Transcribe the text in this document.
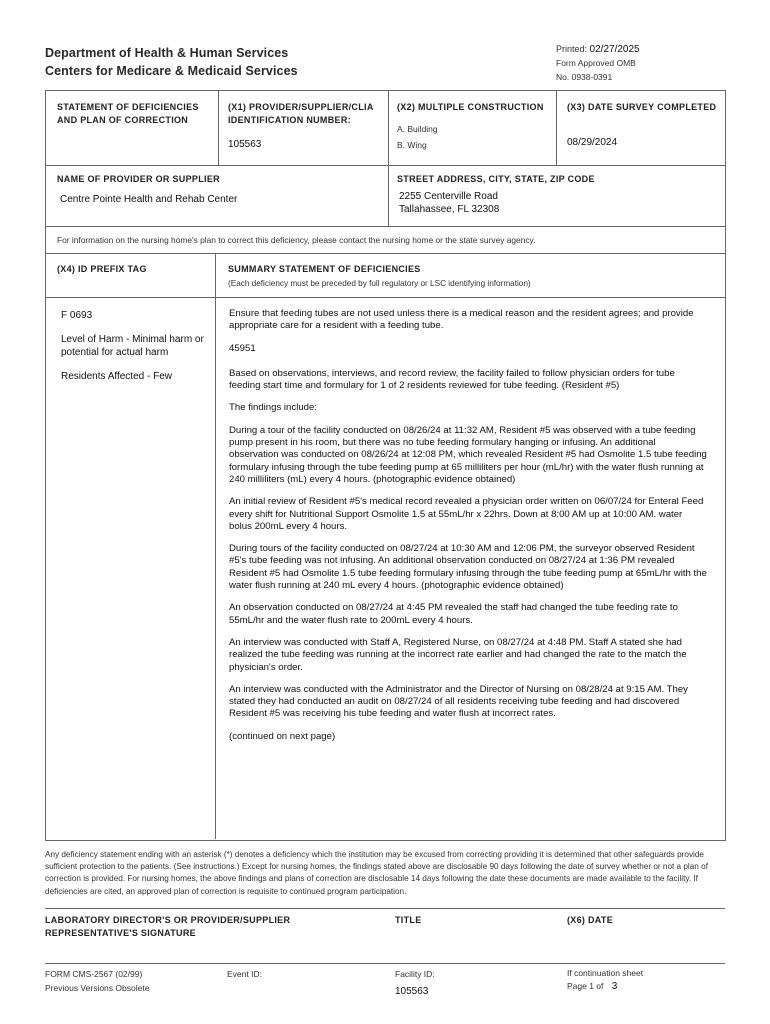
Department of Health & Human Services
Centers for Medicare & Medicaid Services
Printed: 02/27/2025
Form Approved OMB
No. 0938-0391
STATEMENT OF DEFICIENCIES AND PLAN OF CORRECTION
(X1) PROVIDER/SUPPLIER/CLIA IDENTIFICATION NUMBER:
105563
(X2) MULTIPLE CONSTRUCTION
A. Building
B. Wing
(X3) DATE SURVEY COMPLETED
08/29/2024
NAME OF PROVIDER OR SUPPLIER
Centre Pointe Health and Rehab Center
STREET ADDRESS, CITY, STATE, ZIP CODE
2255 Centerville Road
Tallahassee, FL 32308
For information on the nursing home's plan to correct this deficiency, please contact the nursing home or the state survey agency.
(X4) ID PREFIX TAG	SUMMARY STATEMENT OF DEFICIENCIES
(Each deficiency must be preceded by full regulatory or LSC identifying information)
F 0693
Level of Harm - Minimal harm or potential for actual harm
Residents Affected - Few

Ensure that feeding tubes are not used unless there is a medical reason and the resident agrees; and provide appropriate care for a resident with a feeding tube.

45951

Based on observations, interviews, and record review, the facility failed to follow physician orders for tube feeding start time and formulary for 1 of 2 residents reviewed for tube feeding. (Resident #5)

The findings include:

During a tour of the facility conducted on 08/26/24 at 11:32 AM, Resident #5 was observed with a tube feeding pump present in his room, but there was no tube feeding formulary hanging or infusing. An additional observation was conducted on 08/26/24 at 12:08 PM, which revealed Resident #5 had Osmolite 1.5 tube feeding formulary infusing through the tube feeding pump at 65 milliliters per hour (mL/hr) with the water flush running at 240 milliliters (mL) every 4 hours. (photographic evidence obtained)

An initial review of Resident #5's medical record revealed a physician order written on 06/07/24 for Enteral Feed every shift for Nutritional Support Osmolite 1.5 at 55mL/hr x 22hrs. Down at 8:00 AM up at 10:00 AM. water bolus 200mL every 4 hours.

During tours of the facility conducted on 08/27/24 at 10:30 AM and 12:06 PM, the surveyor observed Resident #5's tube feeding was not infusing. An additional observation conducted on 08/27/24 at 1:36 PM revealed Resident #5 had Osmolite 1.5 tube feeding formulary infusing through the tube feeding pump at 65mL/hr with the water flush running at 240 mL every 4 hours. (photographic evidence obtained)

An observation conducted on 08/27/24 at 4:45 PM revealed the staff had changed the tube feeding rate to 55mL/hr and the water flush rate to 200mL every 4 hours.

An interview was conducted with Staff A, Registered Nurse, on 08/27/24 at 4:48 PM. Staff A stated she had realized the tube feeding was running at the incorrect rate earlier and had changed the rate to the match the physician's order.

An interview was conducted with the Administrator and the Director of Nursing on 08/28/24 at 9:15 AM. They stated they had conducted an audit on 08/27/24 of all residents receiving tube feeding and had discovered Resident #5 was receiving his tube feeding and water flush at incorrect rates.

(continued on next page)

Any deficiency statement ending with an asterisk (*) denotes a deficiency which the institution may be excused from correcting providing it is determined that other safeguards provide sufficient protection to the patients. (See instructions.) Except for nursing homes, the findings stated above are disclosable 90 days following the date of survey whether or not a plan of correction is provided. For nursing homes, the above findings and plans of correction are disclosable 14 days following the date these documents are made available to the facility. If deficiencies are cited, an approved plan of correction is requisite to continued program participation.
LABORATORY DIRECTOR'S OR PROVIDER/SUPPLIER REPRESENTATIVE'S SIGNATURE
TITLE	(X6) DATE
FORM CMS-2567 (02/99)
Previous Versions Obsolete
Event ID:	Facility ID:
105563
If continuation sheet
Page 1 of 3
